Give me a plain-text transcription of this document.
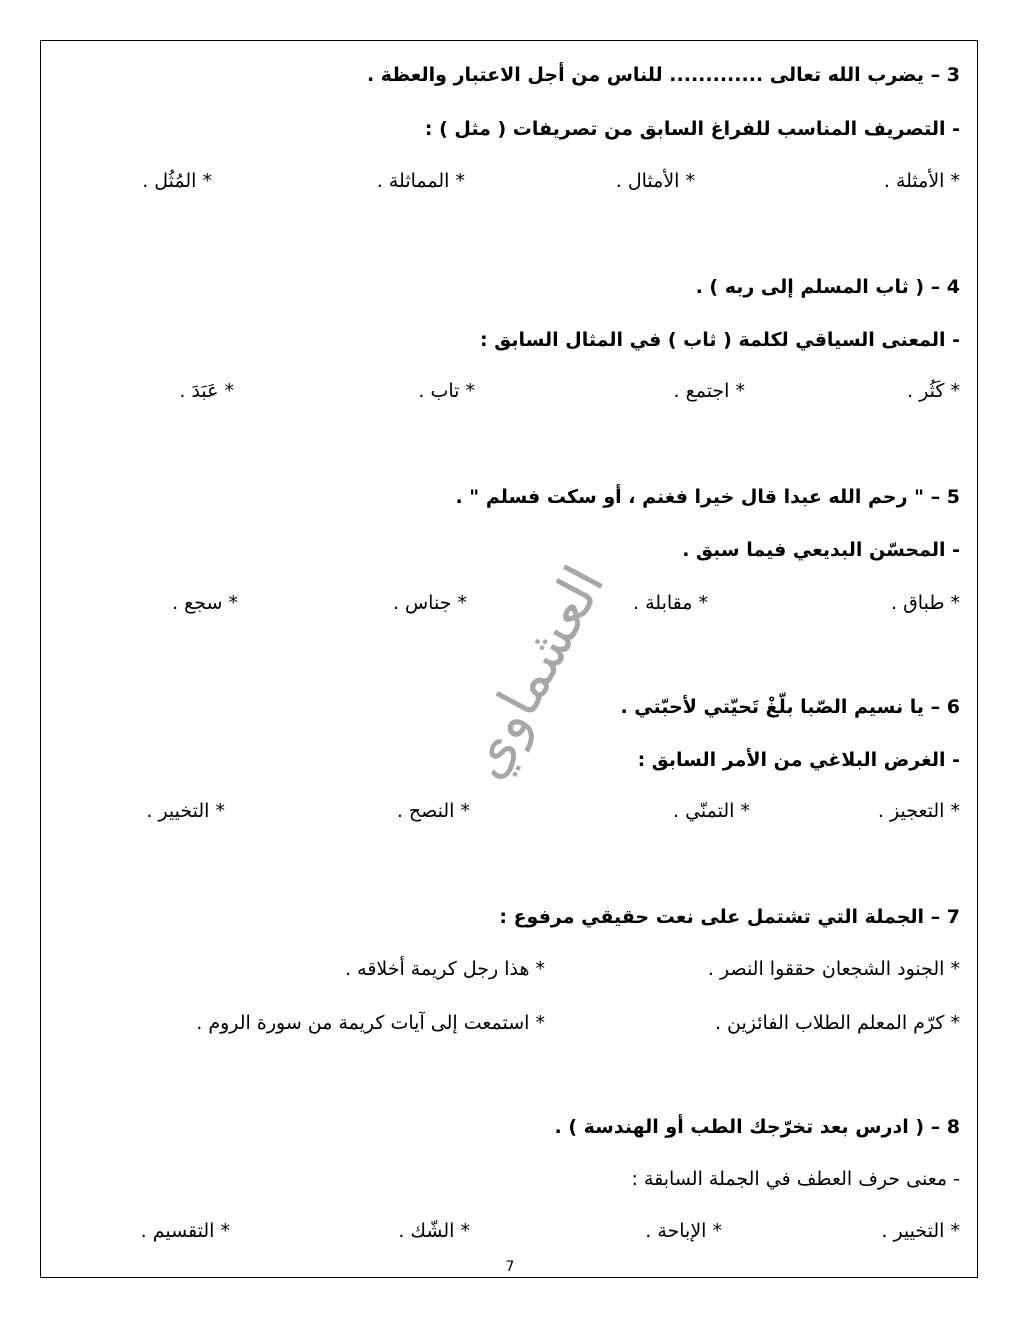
العشماوي
3 – يضرب الله تعالى ............. للناس من أجل الاعتبار والعظة .
- التصريف المناسب للفراغ السابق من تصريفات ( مثل ) :
* الأمثلة .
* الأمثال .
* المماثلة .
* المُثُل .
4 – ( ثاب المسلم إلى ربه ) .
- المعنى السياقي لكلمة ( ثاب ) في المثال السابق :
* كَثُر .
* اجتمع .
* تاب .
* عَبَدَ .
5 – " رحم الله عبدا قال خيرا فغنم ، أو سكت فسلم " .
- المحسّن البديعي فيما سبق .
* طباق .
* مقابلة .
* جناس .
* سجع .
6 – يا نسيم الصّبا بلّغْ تَحيّتي لأحبّتي .
- الغرض البلاغي من الأمر السابق :
* التعجيز .
* التمنّي .
* النصح .
* التخيير .
7 – الجملة التي تشتمل على نعت حقيقي مرفوع :
* الجنود الشجعان حققوا النصر .
* هذا رجل كريمة أخلاقه .
* كرّم المعلم الطلاب الفائزين .
* استمعت إلى آيات كريمة من سورة الروم .
8 – ( ادرس بعد تخرّجك الطب أو الهندسة ) .
- معنى حرف العطف في الجملة السابقة :
* التخيير .
* الإباحة .
* الشّك .
* التقسيم .
7
